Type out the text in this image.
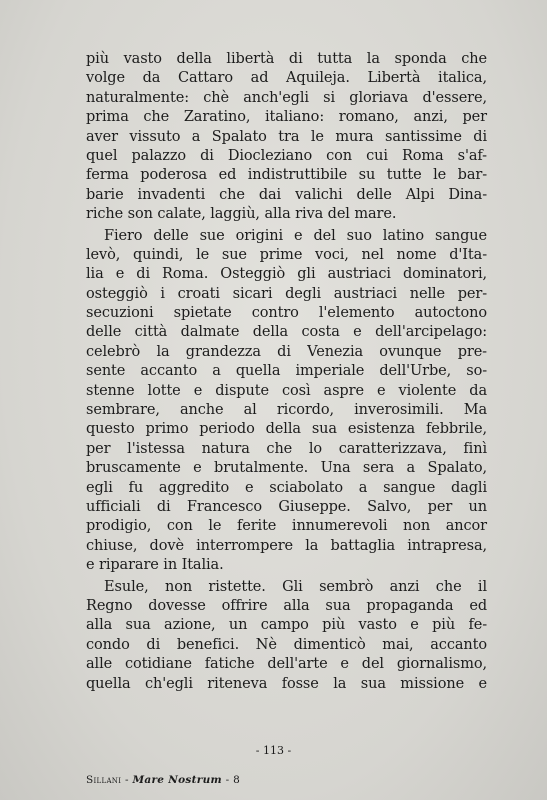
più vasto della libertà di tutta la sponda che
volge da Cattaro ad Aquileja. Libertà italica,
naturalmente: chè anch'egli si gloriava d'essere,
prima che Zaratino, italiano: romano, anzi, per
aver vissuto a Spalato tra le mura santissime di
quel palazzo di Diocleziano con cui Roma s'af-
ferma poderosa ed indistruttibile su tutte le bar-
barie invadenti che dai valichi delle Alpi Dina-
riche son calate, laggiù, alla riva del mare.
Fiero delle sue origini e del suo latino sangue
levò, quindi, le sue prime voci, nel nome d'Ita-
lia e di Roma. Osteggiò gli austriaci dominatori,
osteggiò i croati sicari degli austriaci nelle per-
secuzioni spietate contro l'elemento autoctono
delle città dalmate della costa e dell'arcipelago:
celebrò la grandezza di Venezia ovunque pre-
sente accanto a quella imperiale dell'Urbe, so-
stenne lotte e dispute così aspre e violente da
sembrare, anche al ricordo, inverosimili. Ma
questo primo periodo della sua esistenza febbrile,
per l'istessa natura che lo caratterizzava, finì
bruscamente e brutalmente. Una sera a Spalato,
egli fu aggredito e sciabolato a sangue dagli
ufficiali di Francesco Giuseppe. Salvo, per un
prodigio, con le ferite innumerevoli non ancor
chiuse, dovè interrompere la battaglia intrapresa,
e riparare in Italia.
Esule, non ristette. Gli sembrò anzi che il
Regno dovesse offrire alla sua propaganda ed
alla sua azione, un campo più vasto e più fe-
condo di benefici. Nè dimenticò mai, accanto
alle cotidiane fatiche dell'arte e del giornalismo,
quella ch'egli riteneva fosse la sua missione e
- 113 -
Sillani - Mare Nostrum - 8
